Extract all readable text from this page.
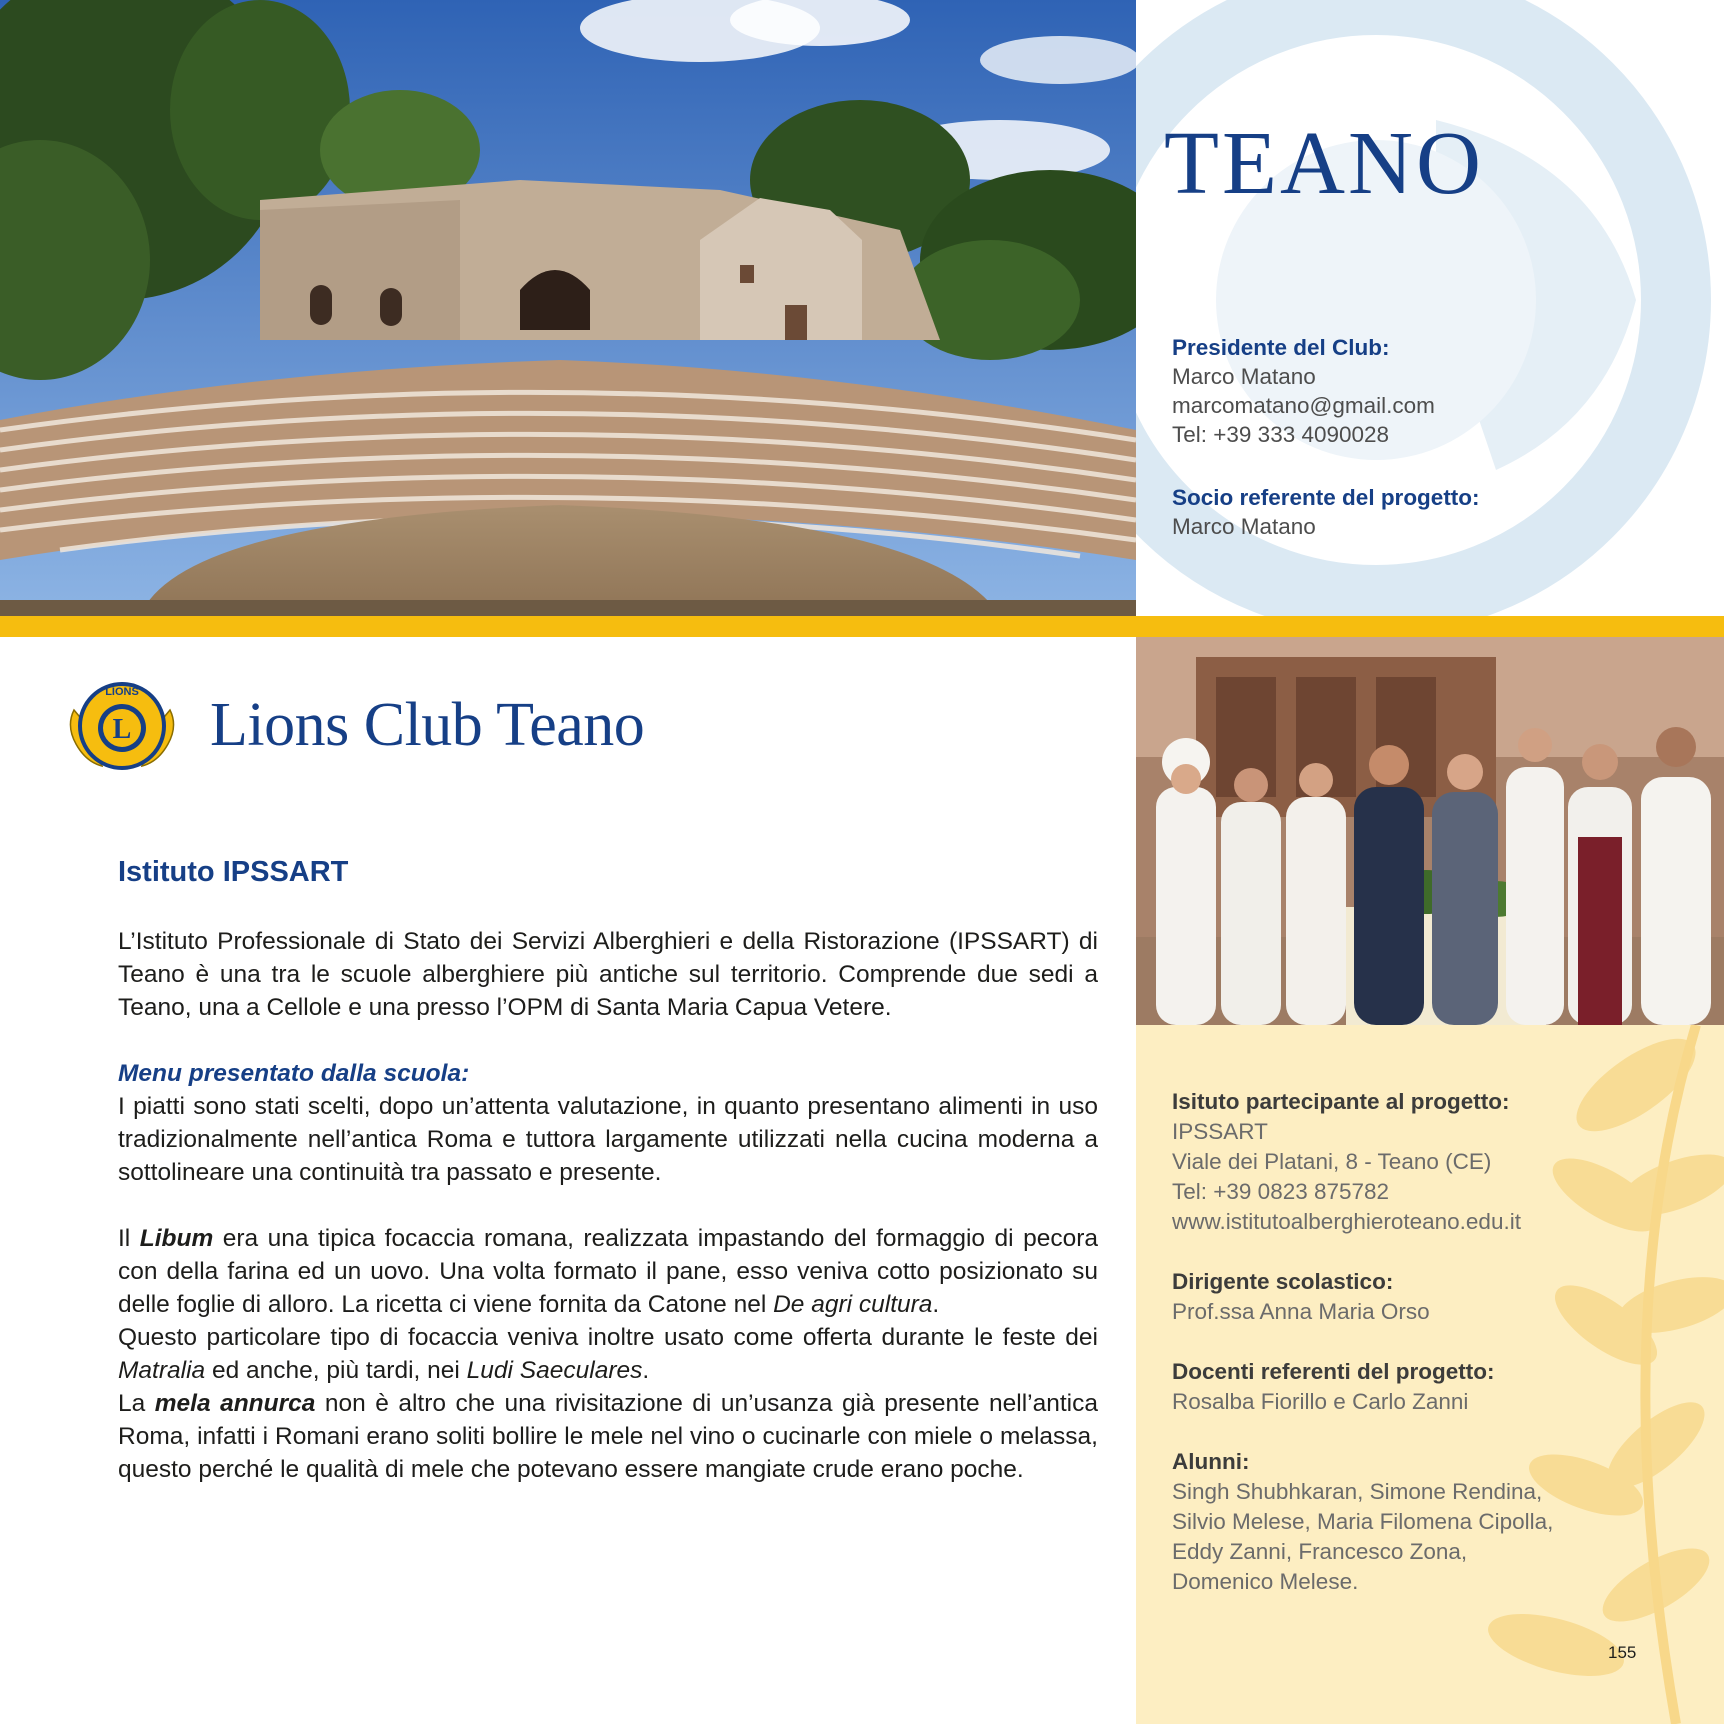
TEANO
Presidente del Club:
Marco Matano
marcomatano@gmail.com
Tel: +39 333 4090028
Socio referente del progetto:
Marco Matano
LIONS
L Lions Club Teano
Istituto IPSSART

L’Istituto Professionale di Stato dei Servizi Alberghieri e della Ristorazione (IPSSART) di Teano è una tra le scuole alberghiere più antiche sul territorio. Comprende due sedi a Teano, una a Cellole e una presso l’OPM di Santa Maria Capua Vetere.

Menu presentato dalla scuola:

I piatti sono stati scelti, dopo un’attenta valutazione, in quanto presentano alimenti in uso tradizionalmente nell’antica Roma e tuttora largamente utilizzati nella cucina moderna a sottolineare una continuità tra passato e presente.

Il Libum era una tipica focaccia romana, realizzata impastando del formaggio di pecora con della farina ed un uovo. Una volta formato il pane, esso veniva cotto posizionato su delle foglie di alloro. La ricetta ci viene fornita da Catone nel De agri cultura.

Questo particolare tipo di focaccia veniva inoltre usato come offerta durante le feste dei Matralia ed anche, più tardi, nei Ludi Saeculares.

La mela annurca non è altro che una rivisitazione di un’usanza già presente nell’antica Roma, infatti i Romani erano soliti bollire le mele nel vino o cucinarle con miele o melassa, questo perché le qualità di mele che potevano essere mangiate crude erano poche.

Isituto partecipante al progetto:
IPSSART
Viale dei Platani, 8 - Teano (CE)
Tel: +39 0823 875782
www.istitutoalberghieroteano.edu.it
Dirigente scolastico:
Prof.ssa Anna Maria Orso
Docenti referenti del progetto:
Rosalba Fiorillo e Carlo Zanni
Alunni:
Singh Shubhkaran, Simone Rendina,
Silvio Melese, Maria Filomena Cipolla,
Eddy Zanni, Francesco Zona,
Domenico Melese.
155
